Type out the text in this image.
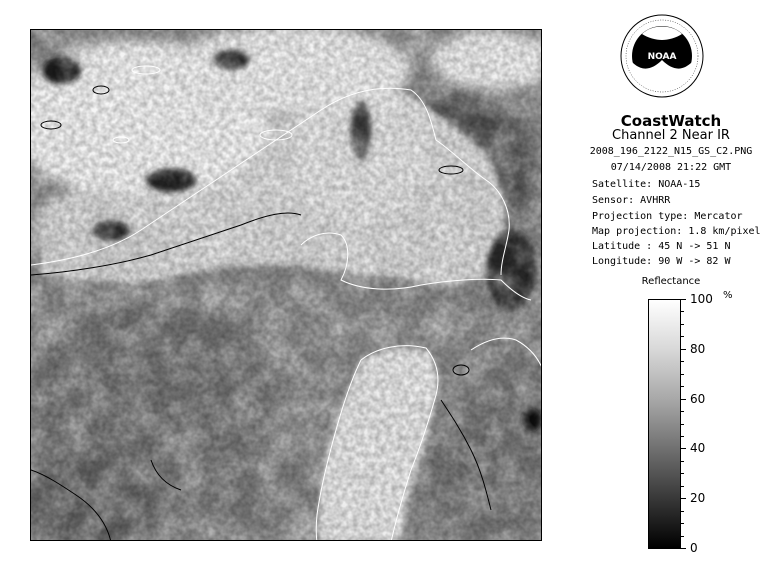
NOAA
CoastWatch
Channel 2 Near IR
2008_196_2122_N15_GS_C2.PNG
07/14/2008 21:22 GMT
Satellite: NOAA-15
Sensor: AVHRR
Projection type: Mercator
Map projection: 1.8 km/pixel
Latitude : 45 N -> 51 N
Longitude: 90 W -> 82 W
Reflectance
%
100
80
60
40
20
0
